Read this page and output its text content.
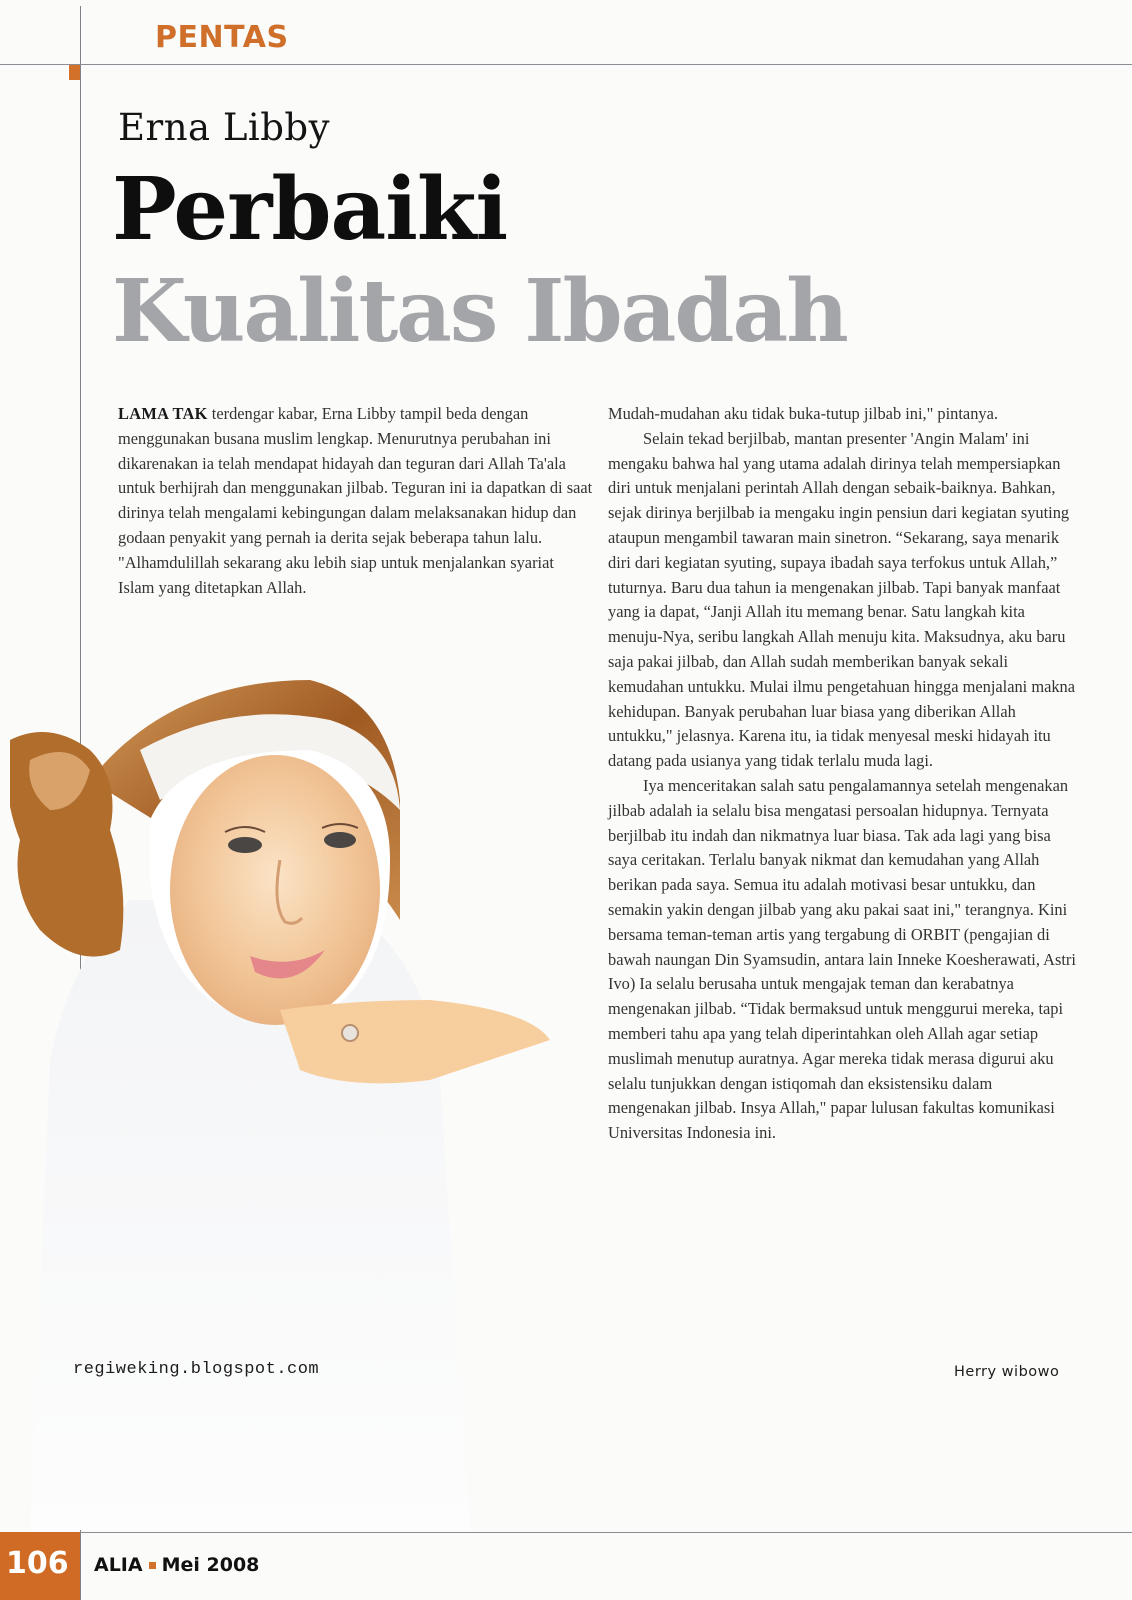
PENTAS
Erna Libby
Perbaiki
Kualitas Ibadah

LAMA TAK terdengar kabar, Erna Libby tampil beda dengan menggunakan busana muslim lengkap. Menurutnya perubahan ini dikarenakan ia telah mendapat hidayah dan teguran dari Allah Ta'ala untuk berhijrah dan menggunakan jilbab. Teguran ini ia dapatkan di saat dirinya telah mengalami kebingungan dalam melaksanakan hidup dan godaan penyakit yang pernah ia derita sejak beberapa tahun lalu. "Alhamdulillah sekarang aku lebih siap untuk menjalankan syariat Islam yang ditetapkan Allah.

Mudah-mudahan aku tidak buka-tutup jilbab ini," pintanya.

Selain tekad berjilbab, mantan presenter 'Angin Malam' ini mengaku bahwa hal yang utama adalah dirinya telah mempersiapkan diri untuk menjalani perintah Allah dengan sebaik-baiknya. Bahkan, sejak dirinya berjilbab ia mengaku ingin pensiun dari kegiatan syuting ataupun mengambil tawaran main sinetron. “Sekarang, saya menarik diri dari kegiatan syuting, supaya ibadah saya terfokus untuk Allah,” tuturnya. Baru dua tahun ia mengenakan jilbab. Tapi banyak manfaat yang ia dapat, “Janji Allah itu memang benar. Satu langkah kita menuju-Nya, seribu langkah Allah menuju kita. Maksudnya, aku baru saja pakai jilbab, dan Allah sudah memberikan banyak sekali kemudahan untukku. Mulai ilmu pengetahuan hingga menjalani makna kehidupan. Banyak perubahan luar biasa yang diberikan Allah untukku," jelasnya. Karena itu, ia tidak menyesal meski hidayah itu datang pada usianya yang tidak terlalu muda lagi.

Iya menceritakan salah satu pengalamannya setelah mengenakan jilbab adalah ia selalu bisa mengatasi persoalan hidupnya. Ternyata berjilbab itu indah dan nikmatnya luar biasa. Tak ada lagi yang bisa saya ceritakan. Terlalu banyak nikmat dan kemudahan yang Allah berikan pada saya. Semua itu adalah motivasi besar untukku, dan semakin yakin dengan jilbab yang aku pakai saat ini," terangnya. Kini bersama teman-teman artis yang tergabung di ORBIT (pengajian di bawah naungan Din Syamsudin, antara lain Inneke Koesherawati, Astri Ivo) Ia selalu berusaha untuk mengajak teman dan kerabatnya mengenakan jilbab. “Tidak bermaksud untuk menggurui mereka, tapi memberi tahu apa yang telah diperintahkan oleh Allah agar setiap muslimah menutup auratnya. Agar mereka tidak merasa digurui aku selalu tunjukkan dengan istiqomah dan eksistensiku dalam mengenakan jilbab. Insya Allah," papar lulusan fakultas komunikasi Universitas Indonesia ini.

regiweking.blogspot.com	Herry wibowo
106 ALIA Mei 2008
